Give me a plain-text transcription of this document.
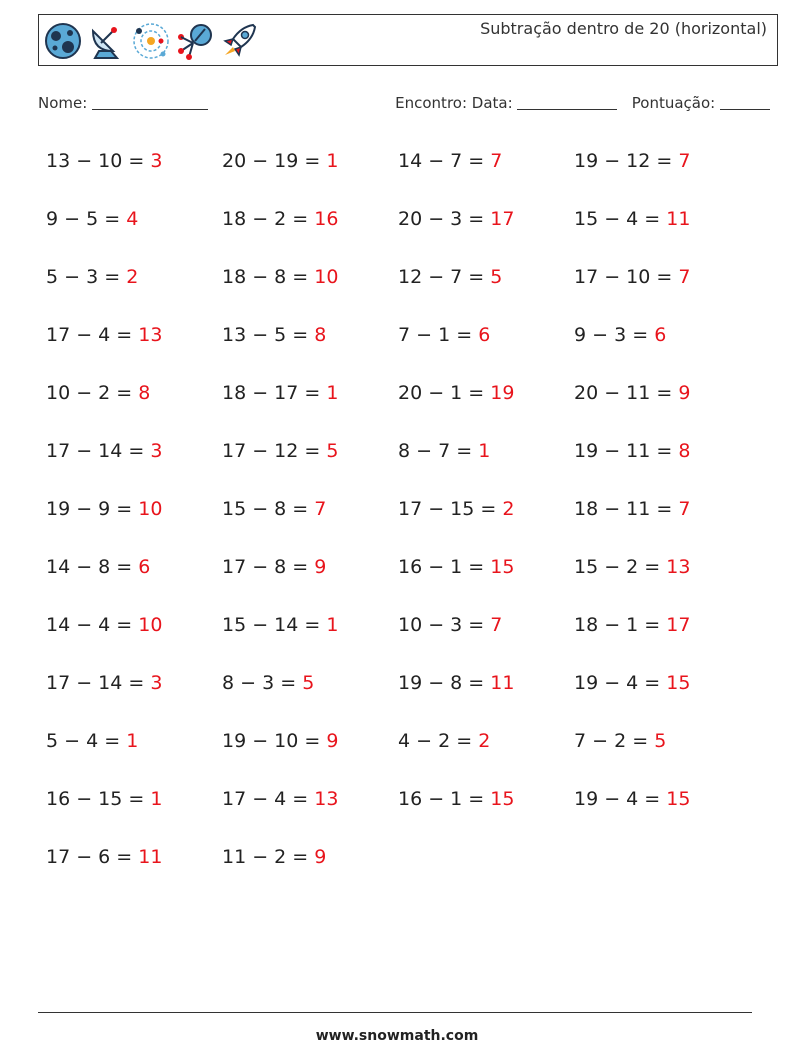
Subtração dentro de 20 (horizontal)
Nome:	Encontro: Data:	Pontuação:
13 − 10 = 3	20 − 19 = 1	14 − 7 = 7	19 − 12 = 7
9 − 5 = 4	18 − 2 = 16	20 − 3 = 17	15 − 4 = 11
5 − 3 = 2	18 − 8 = 10	12 − 7 = 5	17 − 10 = 7
17 − 4 = 13	13 − 5 = 8	7 − 1 = 6	9 − 3 = 6
10 − 2 = 8	18 − 17 = 1	20 − 1 = 19	20 − 11 = 9
17 − 14 = 3	17 − 12 = 5	8 − 7 = 1	19 − 11 = 8
19 − 9 = 10	15 − 8 = 7	17 − 15 = 2	18 − 11 = 7
14 − 8 = 6	17 − 8 = 9	16 − 1 = 15	15 − 2 = 13
14 − 4 = 10	15 − 14 = 1	10 − 3 = 7	18 − 1 = 17
17 − 14 = 3	8 − 3 = 5	19 − 8 = 11	19 − 4 = 15
5 − 4 = 1	19 − 10 = 9	4 − 2 = 2	7 − 2 = 5
16 − 15 = 1	17 − 4 = 13	16 − 1 = 15	19 − 4 = 15
17 − 6 = 11	11 − 2 = 9
www.snowmath.com
